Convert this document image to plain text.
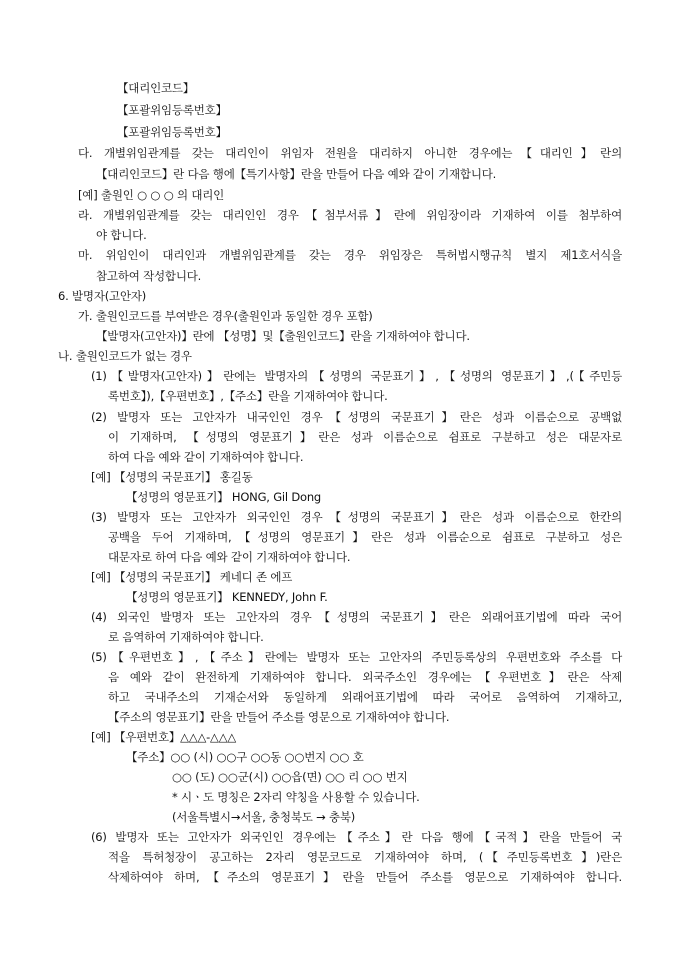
【대리인코드】
【포괄위임등록번호】
【포괄위임등록번호】
다. 개별위임관계를 갖는 대리인이 위임자 전원을 대리하지 아니한 경우에는【대리인】란의
【대리인코드】란 다음 행에【특기사항】란을 만들어 다음 예와 같이 기재합니다.
[예] 출원인 ○ ○ ○ 의 대리인
라. 개별위임관계를 갖는 대리인인 경우【첨부서류】란에 위임장이라 기재하여 이를 첨부하여
야 합니다.
마. 위임인이 대리인과 개별위임관계를 갖는 경우 위임장은 특허법시행규칙 별지 제1호서식을
참고하여 작성합니다.
6. 발명자(고안자)
가. 출원인코드를 부여받은 경우(출원인과 동일한 경우 포함)
【발명자(고안자)】란에 【성명】및【출원인코드】란을 기재하여야 합니다.
나. 출원인코드가 없는 경우
(1)【발명자(고안자)】란에는 발명자의【성명의 국문표기】,【성명의 영문표기】,(【주민등
록번호】),【우편번호】,【주소】란을 기재하여야 합니다.
(2) 발명자 또는 고안자가 내국인인 경우【성명의 국문표기】란은 성과 이름순으로 공백없
이 기재하며, 【성명의 영문표기】란은 성과 이름순으로 쉼표로 구분하고 성은 대문자로
하여 다음 예와 같이 기재하여야 합니다.
[예] 【성명의 국문표기】 홍길동
【성명의 영문표기】 HONG, Gil Dong
(3) 발명자 또는 고안자가 외국인인 경우【성명의 국문표기】란은 성과 이름순으로 한칸의
공백을 두어 기재하며,【성명의 영문표기】란은 성과 이름순으로 쉼표로 구분하고 성은
대문자로 하여 다음 예와 같이 기재하여야 합니다.
[예] 【성명의 국문표기】 케네디 존 에프
【성명의 영문표기】 KENNEDY, John F.
(4) 외국인 발명자 또는 고안자의 경우【성명의 국문표기】란은 외래어표기법에 따라 국어
로 음역하여 기재하여야 합니다.
(5)【우편번호】,【주소】란에는 발명자 또는 고안자의 주민등록상의 우편번호와 주소를 다
음 예와 같이 완전하게 기재하여야 합니다. 외국주소인 경우에는【우편번호】란은 삭제
하고 국내주소의 기재순서와 동일하게 외래어표기법에 따라 국어로 음역하여 기재하고,
【주소의 영문표기】란을 만들어 주소를 영문으로 기재하여야 합니다.
[예] 【우편번호】△△△-△△△
【주소】○○ (시) ○○구 ○○동 ○○번지 ○○ 호
○○ (도) ○○군(시) ○○읍(면) ○○ 리 ○○ 번지
* 시ㆍ도 명칭은 2자리 약칭을 사용할 수 있습니다.
(서울특별시→서울, 충청북도 → 충북)
(6) 발명자 또는 고안자가 외국인인 경우에는【주소】란 다음 행에【국적】란을 만들어 국
적을 특허청장이 공고하는 2자리 영문코드로 기재하여야 하며, (【주민등록번호】)란은
삭제하여야 하며,【주소의 영문표기】란을 만들어 주소를 영문으로 기재하여야 합니다.
